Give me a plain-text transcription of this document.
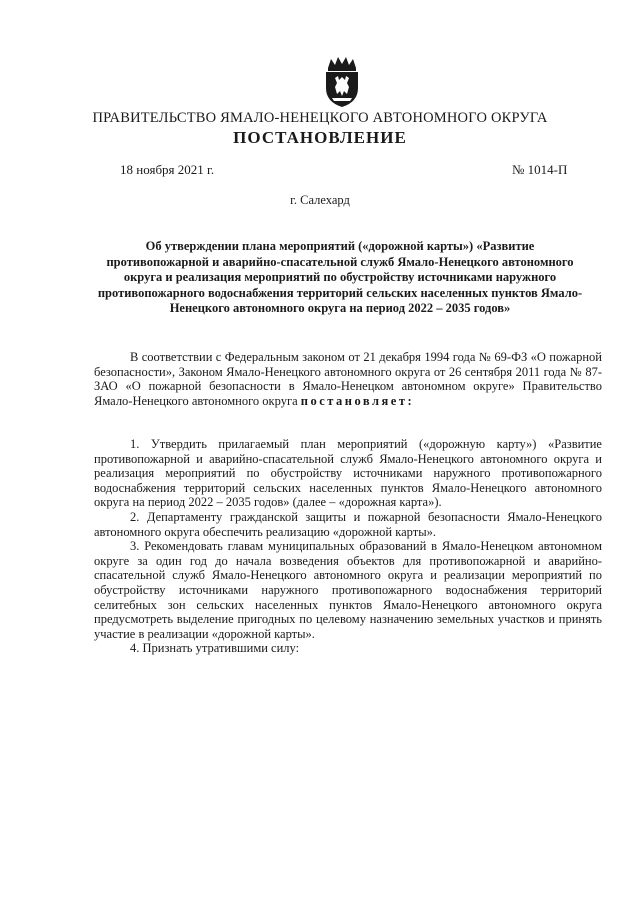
ПРАВИТЕЛЬСТВО ЯМАЛО-НЕНЕЦКОГО АВТОНОМНОГО ОКРУГА
ПОСТАНОВЛЕНИЕ
18 ноября 2021 г.	№ 1014-П
г. Салехард
Об утверждении плана мероприятий («дорожной карты») «Развитие противопожарной и аварийно-спасательной служб Ямало-Ненецкого автономного округа и реализация мероприятий по обустройству источниками наружного противопожарного водоснабжения территорий сельских населенных пунктов Ямало-Ненецкого автономного округа на период 2022 – 2035 годов»

В соответствии с Федеральным законом от 21 декабря 1994 года № 69-ФЗ «О пожарной безопасности», Законом Ямало-Ненецкого автономного округа от 26 сентября 2011 года № 87-ЗАО «О пожарной безопасности в Ямало-Ненецком автономном округе» Правительство Ямало-Ненецкого автономного округа постановляет:

1. Утвердить прилагаемый план мероприятий («дорожную карту») «Развитие противопожарной и аварийно-спасательной служб Ямало-Ненецкого автономного округа и реализация мероприятий по обустройству источниками наружного противопожарного водоснабжения территорий сельских населенных пунктов Ямало-Ненецкого автономного округа на период 2022 – 2035 годов» (далее – «дорожная карта»).

2. Департаменту гражданской защиты и пожарной безопасности Ямало-Ненецкого автономного округа обеспечить реализацию «дорожной карты».

3. Рекомендовать главам муниципальных образований в Ямало-Ненецком автономном округе за один год до начала возведения объектов для противопожарной и аварийно-спасательной служб Ямало-Ненецкого автономного округа и реализации мероприятий по обустройству источниками наружного противопожарного водоснабжения территорий селитебных зон сельских населенных пунктов Ямало-Ненецкого автономного округа предусмотреть выделение пригодных по целевому назначению земельных участков и принять участие в реализации «дорожной карты».

4. Признать утратившими силу:
